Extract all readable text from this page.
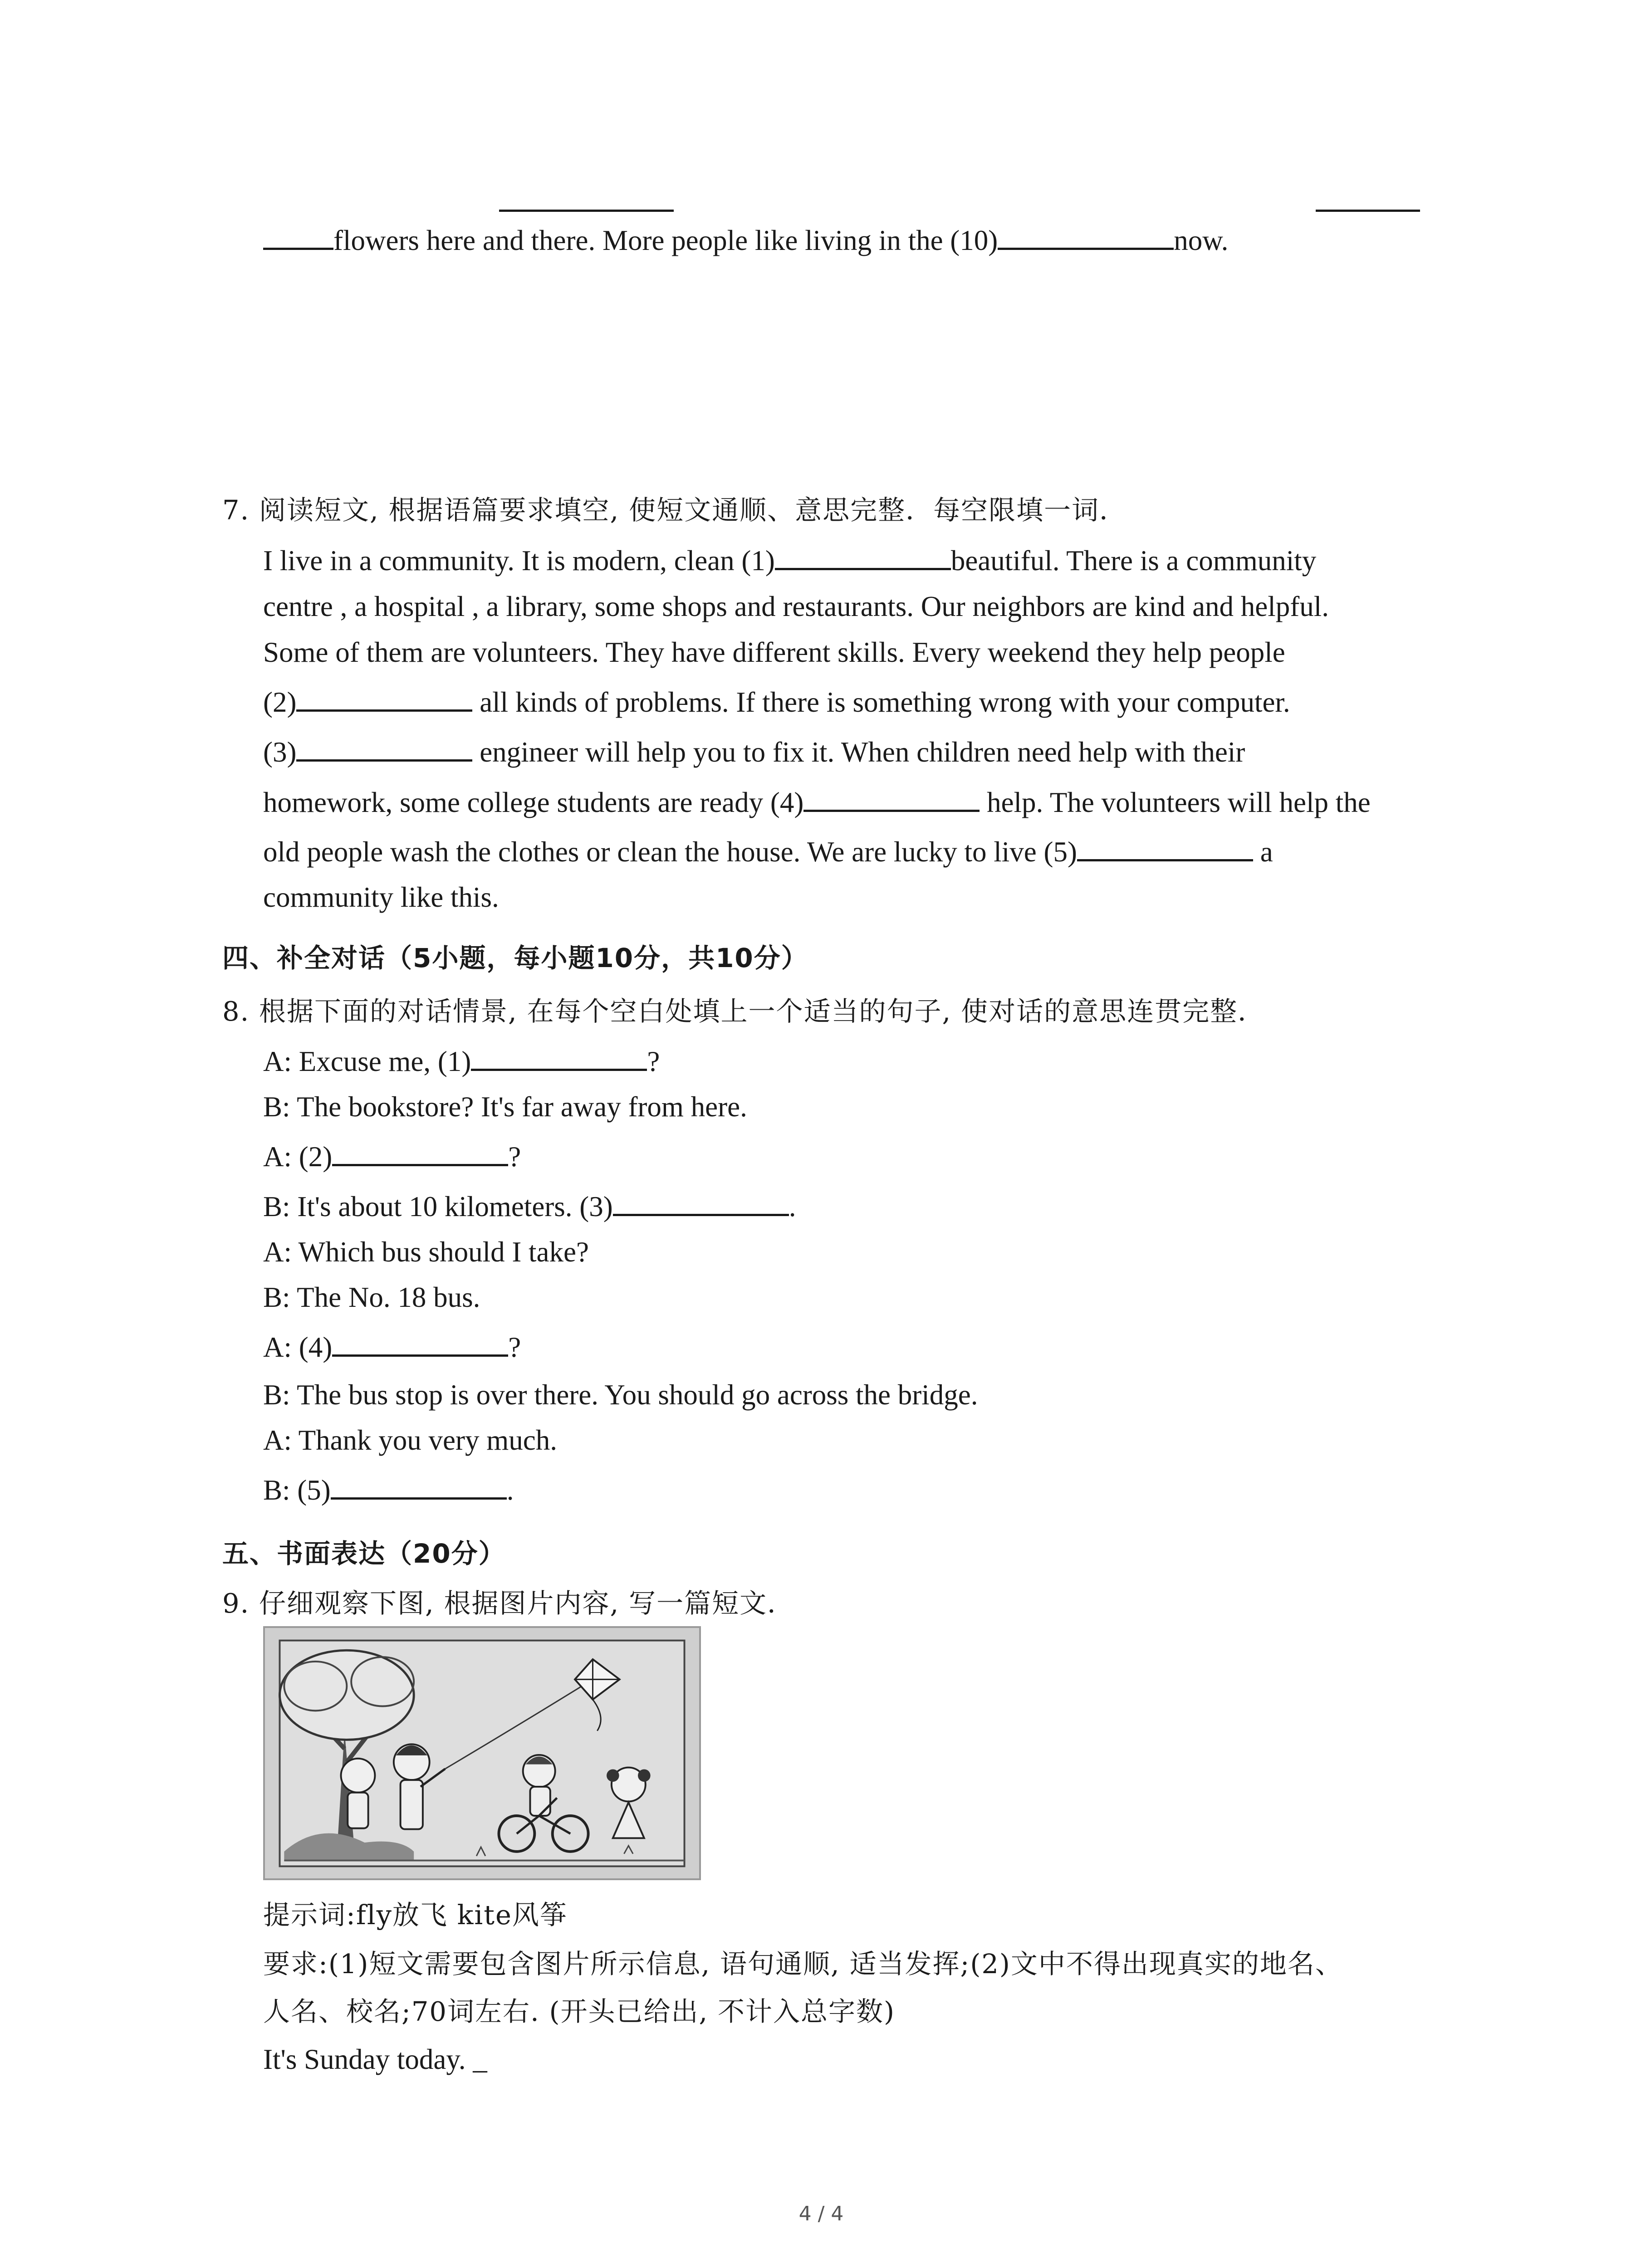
flowers here and there. More people like living in the (10)	now.
7. 阅读短文, 根据语篇要求填空, 使短文通顺、意思完整．每空限填一词．
I live in a community. It is modern, clean (1)	beautiful. There is a community
centre , a hospital , a library, some shops and restaurants. Our neighbors are kind and helpful.
Some of them are volunteers. They have different skills. Every weekend they help people
(2)	all kinds of problems. If there is something wrong with your computer.
(3)	engineer will help you to fix it. When children need help with their
homework, some college students are ready (4)	help. The volunteers will help the
old people wash the clothes or clean the house. We are lucky to live (5)	a
community like this.
四、补全对话（5小题，每小题10分，共10分）
8. 根据下面的对话情景, 在每个空白处填上一个适当的句子, 使对话的意思连贯完整．
A: Excuse me, (1)	?
B: The bookstore? It's far away from here.
A: (2)	?
B: It's about 10 kilometers. (3)	.
A: Which bus should I take?
B: The No. 18 bus.
A: (4)	?
B: The bus stop is over there. You should go across the bridge.
A: Thank you very much.
B: (5)	.
五、书面表达（20分）
9. 仔细观察下图, 根据图片内容, 写一篇短文．
提示词:fly放飞 kite风筝
要求:(1)短文需要包含图片所示信息, 语句通顺, 适当发挥;(2)文中不得出现真实的地名、
人名、校名;70词左右. (开头已给出, 不计入总字数)
It's Sunday today. _
4 / 4
